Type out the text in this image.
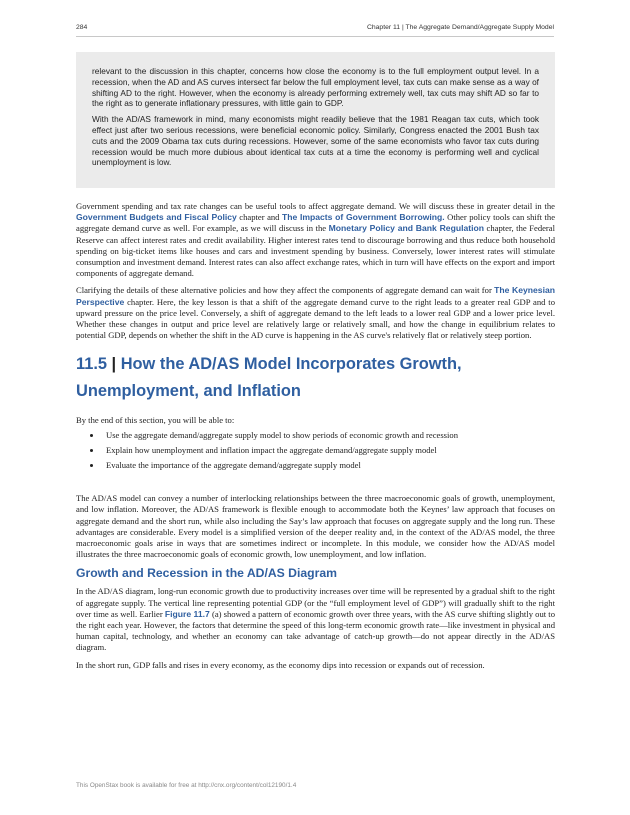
284	Chapter 11 | The Aggregate Demand/Aggregate Supply Model

relevant to the discussion in this chapter, concerns how close the economy is to the full employment output level. In a recession, when the AD and AS curves intersect far below the full employment level, tax cuts can make sense as a way of shifting AD to the right. However, when the economy is already performing extremely well, tax cuts may shift AD so far to the right as to generate inflationary pressures, with little gain to GDP.

With the AD/AS framework in mind, many economists might readily believe that the 1981 Reagan tax cuts, which took effect just after two serious recessions, were beneficial economic policy. Similarly, Congress enacted the 2001 Bush tax cuts and the 2009 Obama tax cuts during recessions. However, some of the same economists who favor tax cuts during recession would be much more dubious about identical tax cuts at a time the economy is performing well and cyclical unemployment is low.

Government spending and tax rate changes can be useful tools to affect aggregate demand. We will discuss these in greater detail in the Government Budgets and Fiscal Policy chapter and The Impacts of Government Borrowing. Other policy tools can shift the aggregate demand curve as well. For example, as we will discuss in the Monetary Policy and Bank Regulation chapter, the Federal Reserve can affect interest rates and credit availability. Higher interest rates tend to discourage borrowing and thus reduce both household spending on big-ticket items like houses and cars and investment spending by business. Conversely, lower interest rates will stimulate consumption and investment demand. Interest rates can also affect exchange rates, which in turn will have effects on the export and import components of aggregate demand.

Clarifying the details of these alternative policies and how they affect the components of aggregate demand can wait for The Keynesian Perspective chapter. Here, the key lesson is that a shift of the aggregate demand curve to the right leads to a greater real GDP and to upward pressure on the price level. Conversely, a shift of aggregate demand to the left leads to a lower real GDP and a lower price level. Whether these changes in output and price level are relatively large or relatively small, and how the change in equilibrium relates to potential GDP, depends on whether the shift in the AD curve is happening in the AS curve's relatively flat or relatively steep portion.

11.5 | How the AD/AS Model Incorporates Growth, Unemployment, and Inflation

By the end of this section, you will be able to:

• Use the aggregate demand/aggregate supply model to show periods of economic growth and recession
• Explain how unemployment and inflation impact the aggregate demand/aggregate supply model
• Evaluate the importance of the aggregate demand/aggregate supply model

The AD/AS model can convey a number of interlocking relationships between the three macroeconomic goals of growth, unemployment, and low inflation. Moreover, the AD/AS framework is flexible enough to accommodate both the Keynes’ law approach that focuses on aggregate demand and the short run, while also including the Say’s law approach that focuses on aggregate supply and the long run. These advantages are considerable. Every model is a simplified version of the deeper reality and, in the context of the AD/AS model, the three macroeconomic goals arise in ways that are sometimes indirect or incomplete. In this module, we consider how the AD/AS model illustrates the three macroeconomic goals of economic growth, low unemployment, and low inflation.

Growth and Recession in the AD/AS Diagram

In the AD/AS diagram, long-run economic growth due to productivity increases over time will be represented by a gradual shift to the right of aggregate supply. The vertical line representing potential GDP (or the “full employment level of GDP”) will gradually shift to the right over time as well. Earlier Figure 11.7 (a) showed a pattern of economic growth over three years, with the AS curve shifting slightly out to the right each year. However, the factors that determine the speed of this long-term economic growth rate—like investment in physical and human capital, technology, and whether an economy can take advantage of catch-up growth—do not appear directly in the AD/AS diagram.

In the short run, GDP falls and rises in every economy, as the economy dips into recession or expands out of recession.

This OpenStax book is available for free at http://cnx.org/content/col12190/1.4
